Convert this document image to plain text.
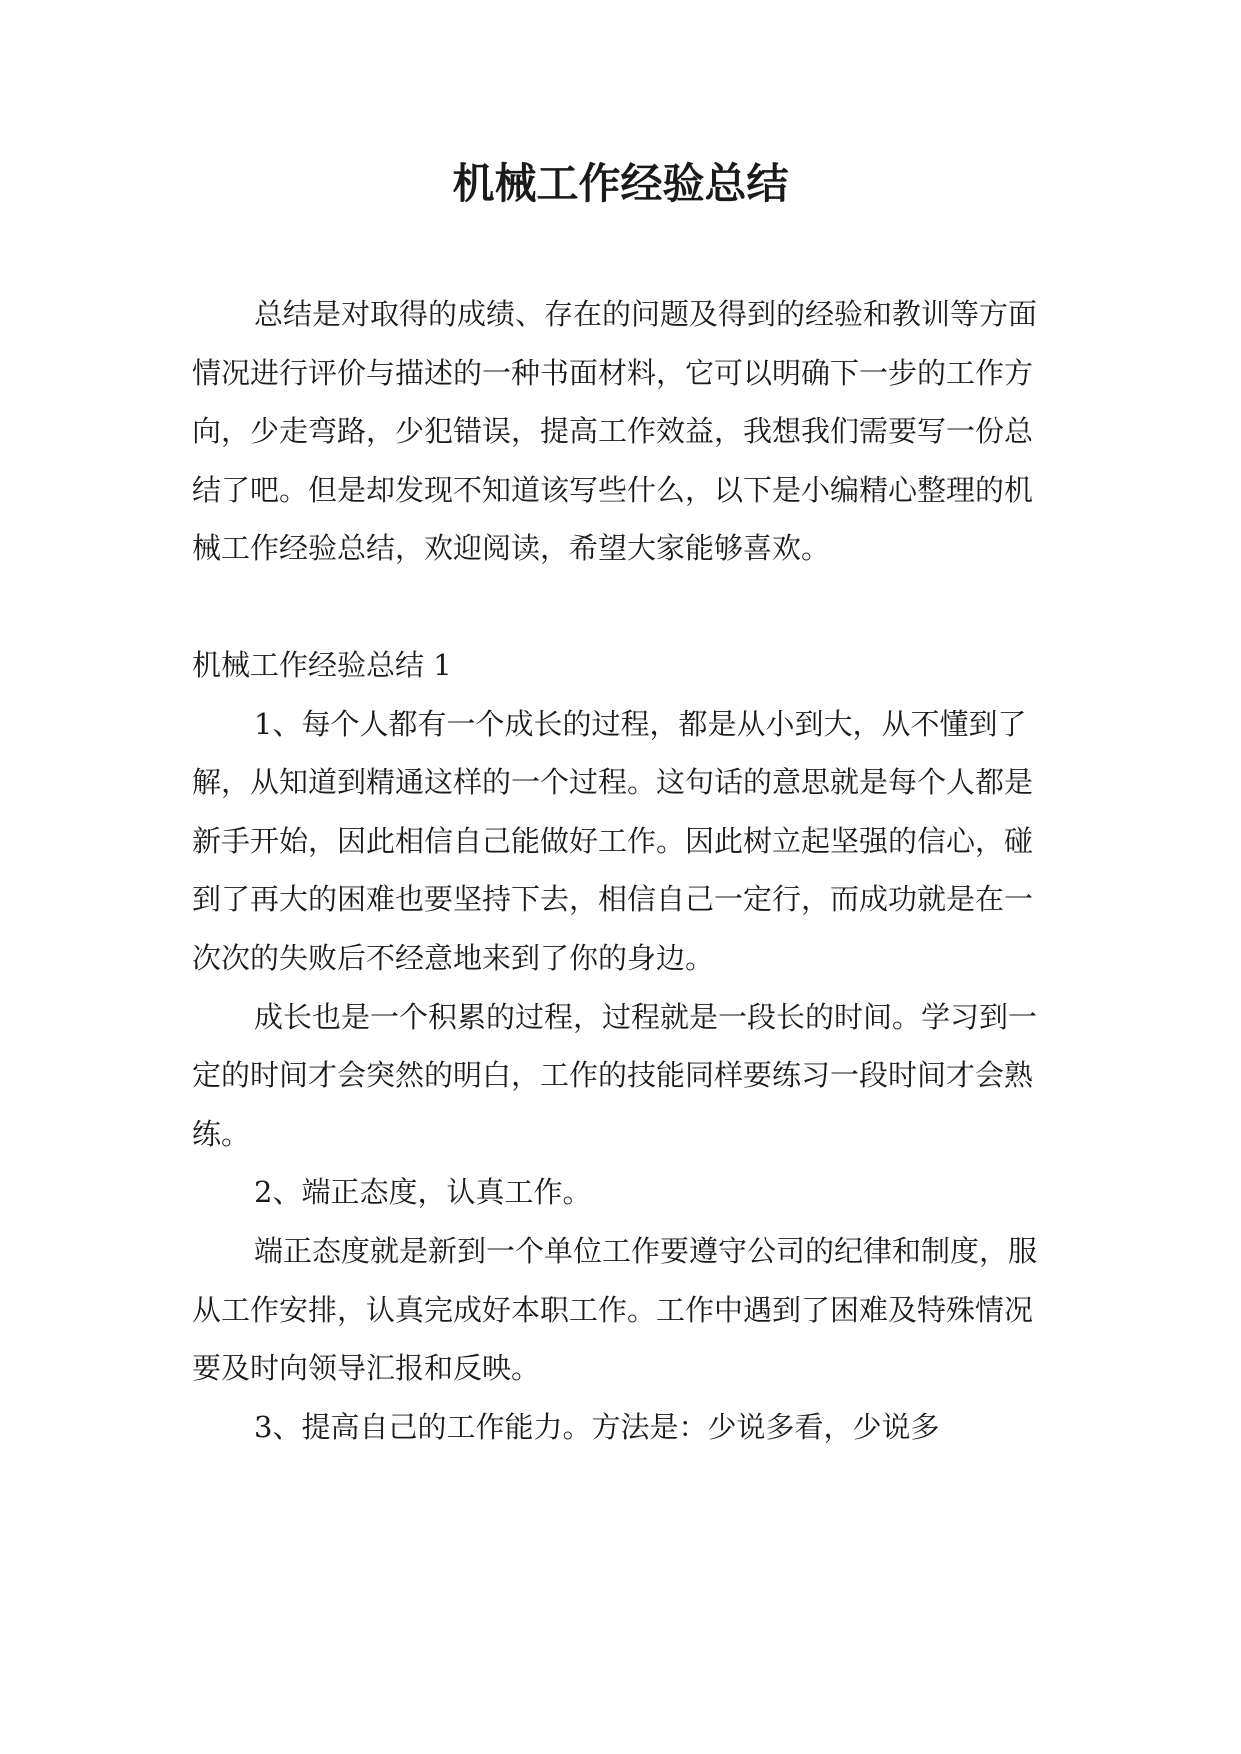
机械工作经验总结

总结是对取得的成绩、存在的问题及得到的经验和教训等方面情况进行评价与描述的一种书面材料，它可以明确下一步的工作方向，少走弯路，少犯错误，提高工作效益，我想我们需要写一份总结了吧。但是却发现不知道该写些什么，以下是小编精心整理的机械工作经验总结，欢迎阅读，希望大家能够喜欢。

机械工作经验总结 1

1、每个人都有一个成长的过程，都是从小到大，从不懂到了解，从知道到精通这样的一个过程。这句话的意思就是每个人都是新手开始，因此相信自己能做好工作。因此树立起坚强的信心，碰到了再大的困难也要坚持下去，相信自己一定行，而成功就是在一次次的失败后不经意地来到了你的身边。

成长也是一个积累的过程，过程就是一段长的时间。学习到一定的时间才会突然的明白，工作的技能同样要练习一段时间才会熟练。

2、端正态度，认真工作。

端正态度就是新到一个单位工作要遵守公司的纪律和制度，服从工作安排，认真完成好本职工作。工作中遇到了困难及特殊情况要及时向领导汇报和反映。

3、提高自己的工作能力。方法是：少说多看，少说多
